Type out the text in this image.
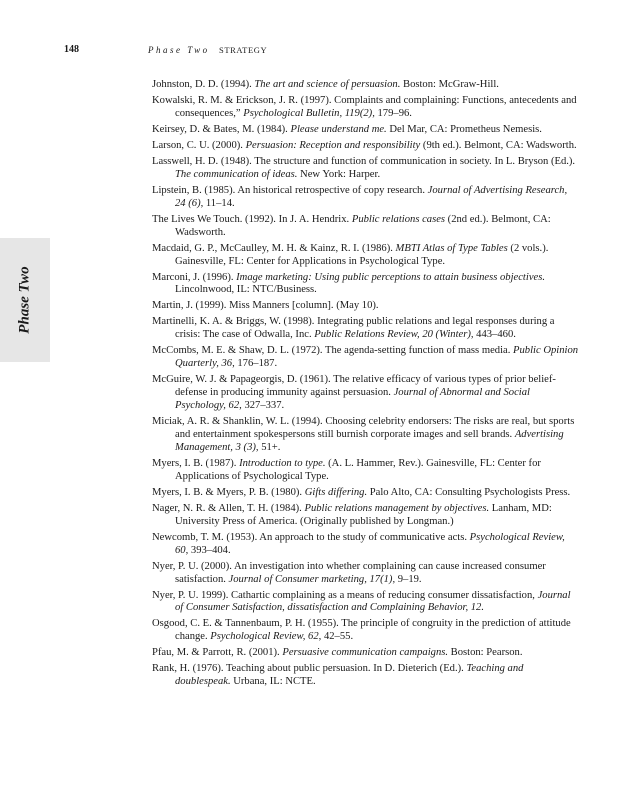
148	Phase Two STRATEGY
Phase Two
Johnston, D. D. (1994). The art and science of persuasion. Boston: McGraw-Hill.
Kowalski, R. M. & Erickson, J. R. (1997). Complaints and complaining: Functions, antecedents and consequences,” Psychological Bulletin, 119(2), 179–96.
Keirsey, D. & Bates, M. (1984). Please understand me. Del Mar, CA: Prometheus Nemesis.
Larson, C. U. (2000). Persuasion: Reception and responsibility (9th ed.). Belmont, CA: Wadsworth.
Lasswell, H. D. (1948). The structure and function of communication in society. In L. Bryson (Ed.). The communication of ideas. New York: Harper.
Lipstein, B. (1985). An historical retrospective of copy research. Journal of Advertising Research, 24 (6), 11–14.
The Lives We Touch. (1992). In J. A. Hendrix. Public relations cases (2nd ed.). Belmont, CA: Wadsworth.
Macdaid, G. P., McCaulley, M. H. & Kainz, R. I. (1986). MBTI Atlas of Type Tables (2 vols.). Gainesville, FL: Center for Applications in Psychological Type.
Marconi, J. (1996). Image marketing: Using public perceptions to attain business objectives. Lincolnwood, IL: NTC/Business.
Martin, J. (1999). Miss Manners [column]. (May 10).
Martinelli, K. A. & Briggs, W. (1998). Integrating public relations and legal responses during a crisis: The case of Odwalla, Inc. Public Relations Review, 20 (Winter), 443–460.
McCombs, M. E. & Shaw, D. L. (1972). The agenda-setting function of mass media. Public Opinion Quarterly, 36, 176–187.
McGuire, W. J. & Papageorgis, D. (1961). The relative efficacy of various types of prior belief-defense in producing immunity against persuasion. Journal of Abnormal and Social Psychology, 62, 327–337.
Miciak, A. R. & Shanklin, W. L. (1994). Choosing celebrity endorsers: The risks are real, but sports and entertainment spokespersons still burnish corporate images and sell brands. Advertising Management, 3 (3), 51+.
Myers, I. B. (1987). Introduction to type. (A. L. Hammer, Rev.). Gainesville, FL: Center for Applications of Psychological Type.
Myers, I. B. & Myers, P. B. (1980). Gifts differing. Palo Alto, CA: Consulting Psychologists Press.
Nager, N. R. & Allen, T. H. (1984). Public relations management by objectives. Lanham, MD: University Press of America. (Originally published by Longman.)
Newcomb, T. M. (1953). An approach to the study of communicative acts. Psychological Review, 60, 393–404.
Nyer, P. U. (2000). An investigation into whether complaining can cause increased consumer satisfaction. Journal of Consumer marketing, 17(1), 9–19.
Nyer, P. U. 1999). Cathartic complaining as a means of reducing consumer dissatisfaction, Journal of Consumer Satisfaction, dissatisfaction and Complaining Behavior, 12.
Osgood, C. E. & Tannenbaum, P. H. (1955). The principle of congruity in the prediction of attitude change. Psychological Review, 62, 42–55.
Pfau, M. & Parrott, R. (2001). Persuasive communication campaigns. Boston: Pearson.
Rank, H. (1976). Teaching about public persuasion. In D. Dieterich (Ed.). Teaching and doublespeak. Urbana, IL: NCTE.
